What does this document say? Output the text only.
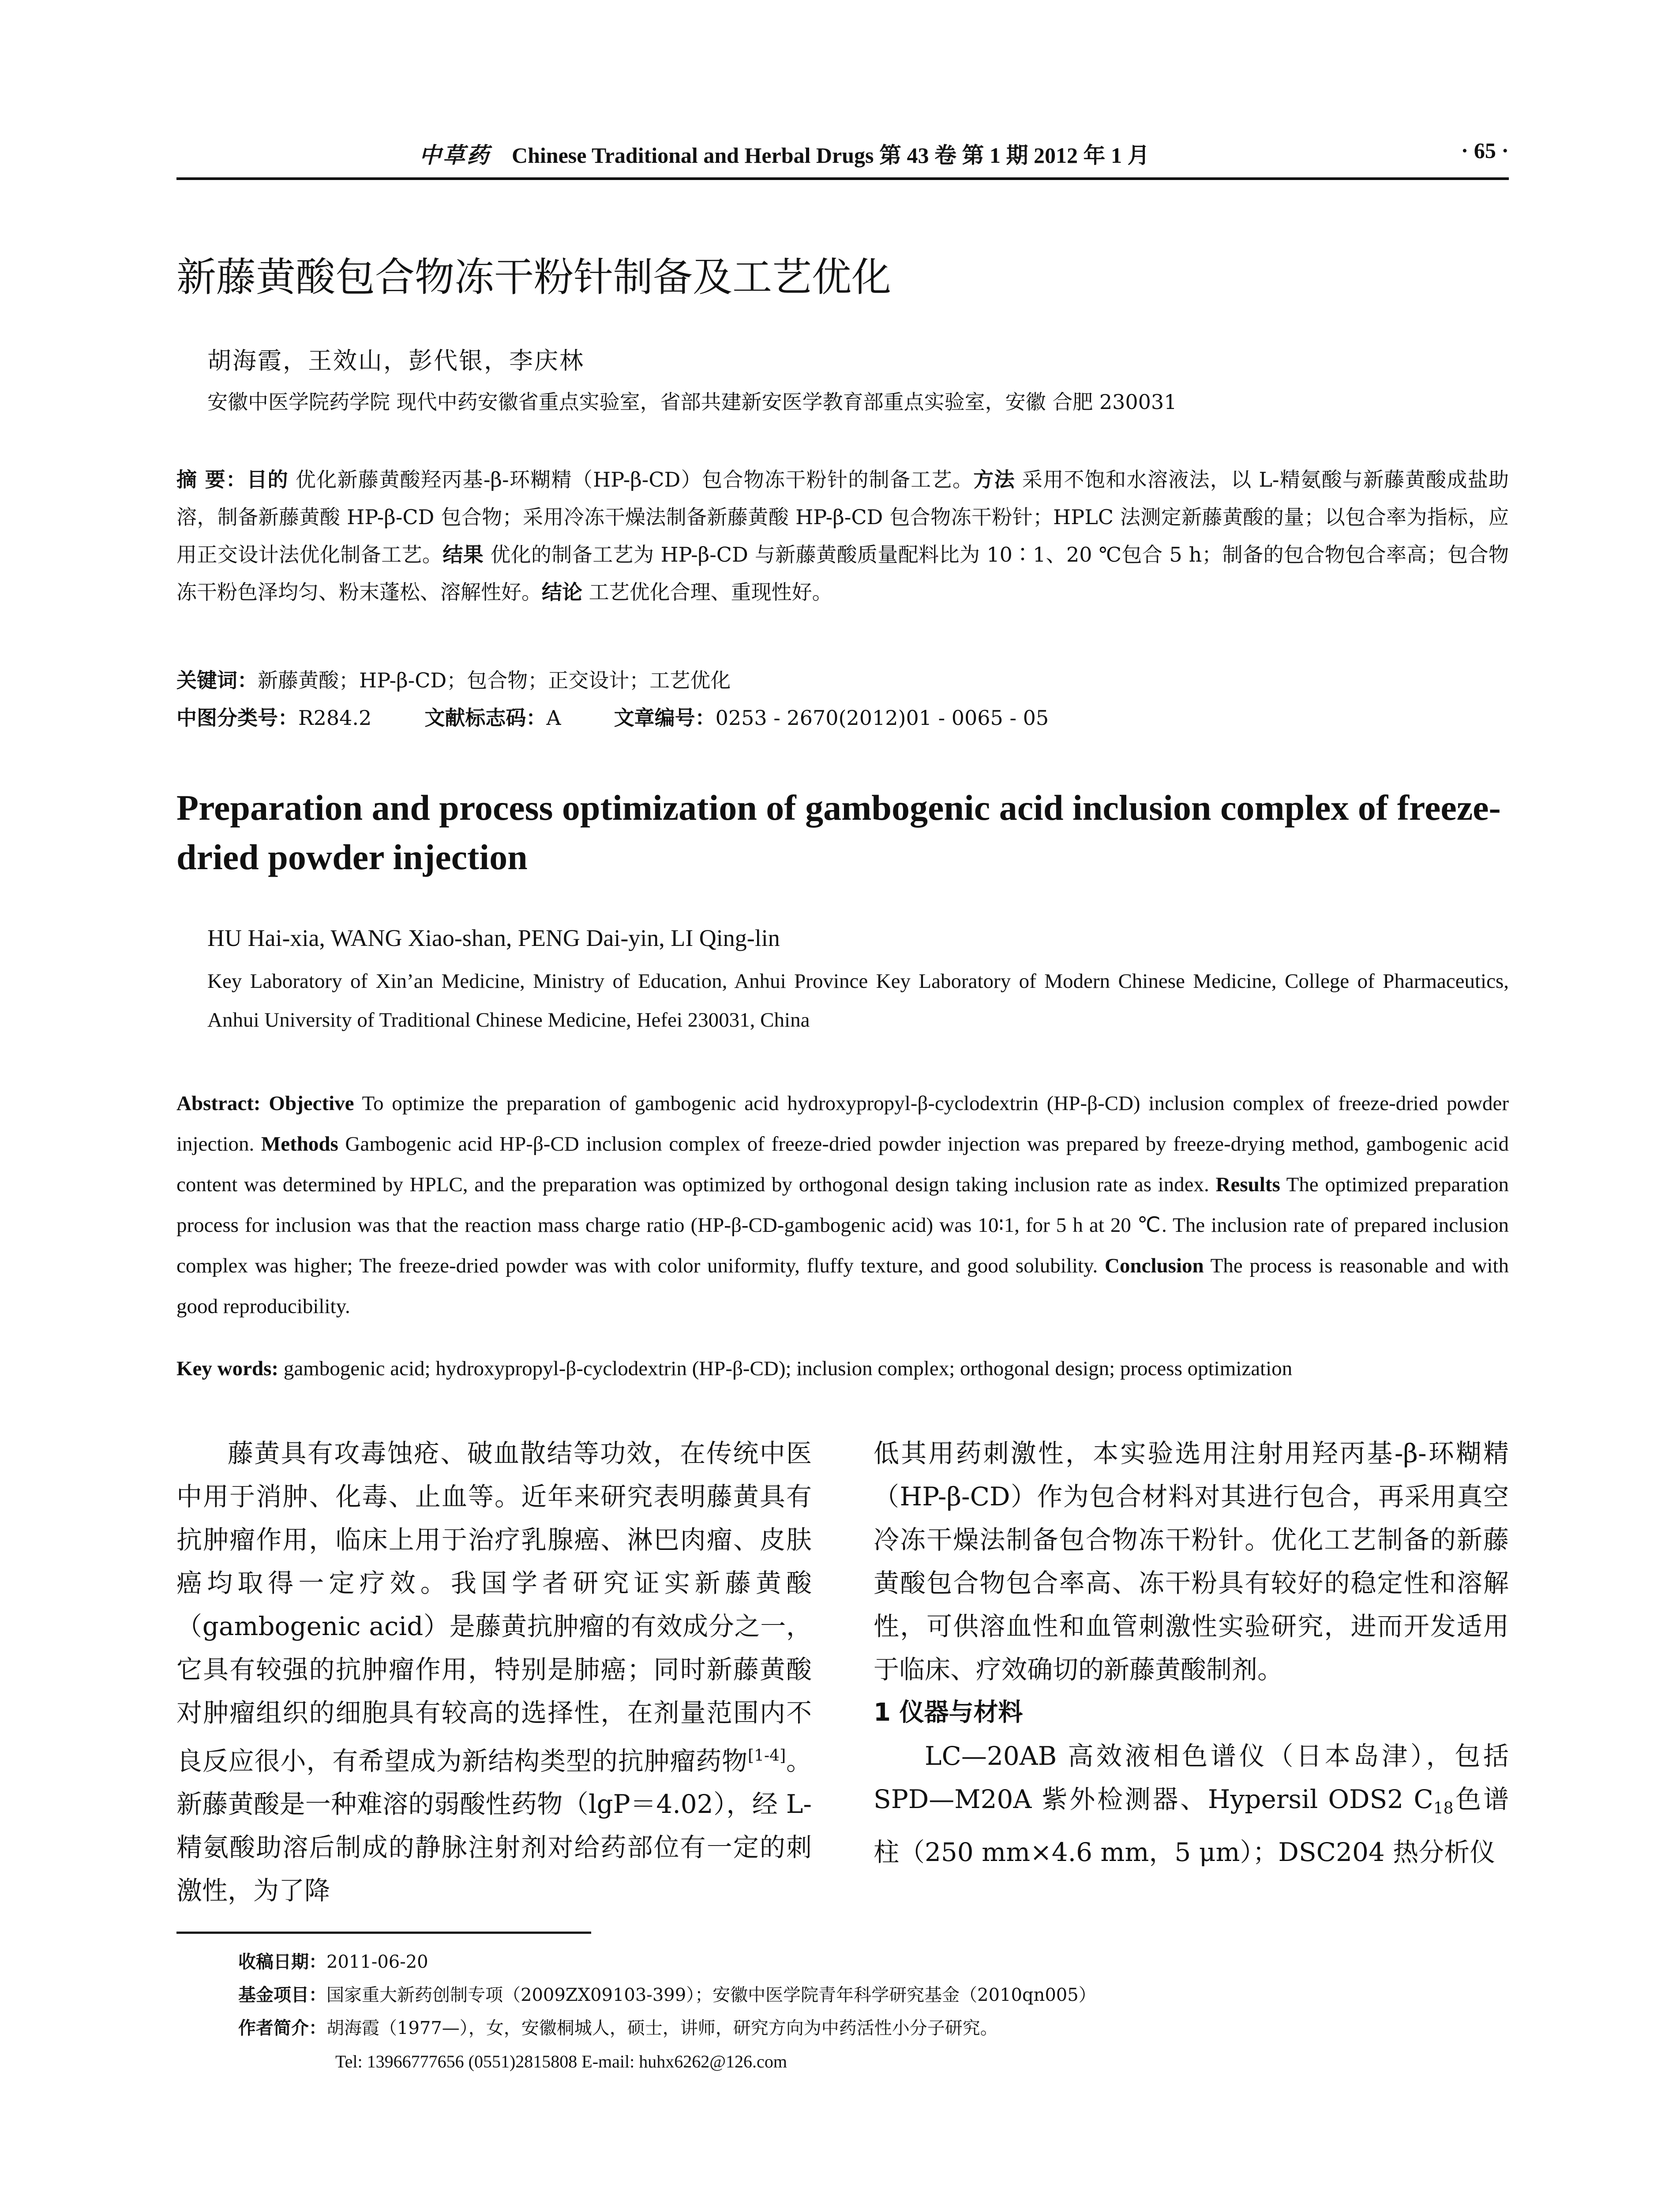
中草药 Chinese Traditional and Herbal Drugs 第 43 卷 第 1 期 2012 年 1 月	· 65 ·
新藤黄酸包合物冻干粉针制备及工艺优化
胡海霞，王效山，彭代银，李庆林
安徽中医学院药学院 现代中药安徽省重点实验室，省部共建新安医学教育部重点实验室，安徽 合肥 230031
摘 要：目的 优化新藤黄酸羟丙基-β-环糊精（HP-β-CD）包合物冻干粉针的制备工艺。方法 采用不饱和水溶液法，以 L-精氨酸与新藤黄酸成盐助溶，制备新藤黄酸 HP-β-CD 包合物；采用冷冻干燥法制备新藤黄酸 HP-β-CD 包合物冻干粉针；HPLC 法测定新藤黄酸的量；以包合率为指标，应用正交设计法优化制备工艺。结果 优化的制备工艺为 HP-β-CD 与新藤黄酸质量配料比为 10∶1、20 ℃包合 5 h；制备的包合物包合率高；包合物冻干粉色泽均匀、粉末蓬松、溶解性好。结论 工艺优化合理、重现性好。
关键词：新藤黄酸；HP-β-CD；包合物；正交设计；工艺优化
中图分类号：R284.2	文献标志码：A	文章编号：0253 - 2670(2012)01 - 0065 - 05
Preparation and process optimization of gambogenic acid inclusion complex of freeze-dried powder injection
HU Hai-xia, WANG Xiao-shan, PENG Dai-yin, LI Qing-lin
Key Laboratory of Xin’an Medicine, Ministry of Education, Anhui Province Key Laboratory of Modern Chinese Medicine, College of Pharmaceutics, Anhui University of Traditional Chinese Medicine, Hefei 230031, China
Abstract: Objective To optimize the preparation of gambogenic acid hydroxypropyl-β-cyclodextrin (HP-β-CD) inclusion complex of freeze-dried powder injection. Methods Gambogenic acid HP-β-CD inclusion complex of freeze-dried powder injection was prepared by freeze-drying method, gambogenic acid content was determined by HPLC, and the preparation was optimized by orthogonal design taking inclusion rate as index. Results The optimized preparation process for inclusion was that the reaction mass charge ratio (HP-β-CD-gambogenic acid) was 10∶1, for 5 h at 20 ℃. The inclusion rate of prepared inclusion complex was higher; The freeze-dried powder was with color uniformity, fluffy texture, and good solubility. Conclusion The process is reasonable and with good reproducibility.
Key words: gambogenic acid; hydroxypropyl-β-cyclodextrin (HP-β-CD); inclusion complex; orthogonal design; process optimization
藤黄具有攻毒蚀疮、破血散结等功效，在传统中医中用于消肿、化毒、止血等。近年来研究表明藤黄具有抗肿瘤作用，临床上用于治疗乳腺癌、淋巴肉瘤、皮肤癌均取得一定疗效。我国学者研究证实新藤黄酸（gambogenic acid）是藤黄抗肿瘤的有效成分之一，它具有较强的抗肿瘤作用，特别是肺癌；同时新藤黄酸对肿瘤组织的细胞具有较高的选择性，在剂量范围内不良反应很小，有希望成为新结构类型的抗肿瘤药物[1-4]。新藤黄酸是一种难溶的弱酸性药物（lgP＝4.02），经 L-精氨酸助溶后制成的静脉注射剂对给药部位有一定的刺激性，为了降
低其用药刺激性，本实验选用注射用羟丙基-β-环糊精（HP-β-CD）作为包合材料对其进行包合，再采用真空冷冻干燥法制备包合物冻干粉针。优化工艺制备的新藤黄酸包合物包合率高、冻干粉具有较好的稳定性和溶解性，可供溶血性和血管刺激性实验研究，进而开发适用于临床、疗效确切的新藤黄酸制剂。
1 仪器与材料
LC—20AB 高效液相色谱仪（日本岛津），包括 SPD—M20A 紫外检测器、Hypersil ODS2 $C_{18}$色谱柱（250 mm×4.6 mm，5 μm）；DSC204 热分析仪
收稿日期：2011-06-20
基金项目：国家重大新药创制专项（2009ZX09103-399）；安徽中医学院青年科学研究基金（2010qn005）
作者简介：胡海霞（1977—），女，安徽桐城人，硕士，讲师，研究方向为中药活性小分子研究。
Tel: 13966777656 (0551)2815808 E-mail: huhx6262@126.com
